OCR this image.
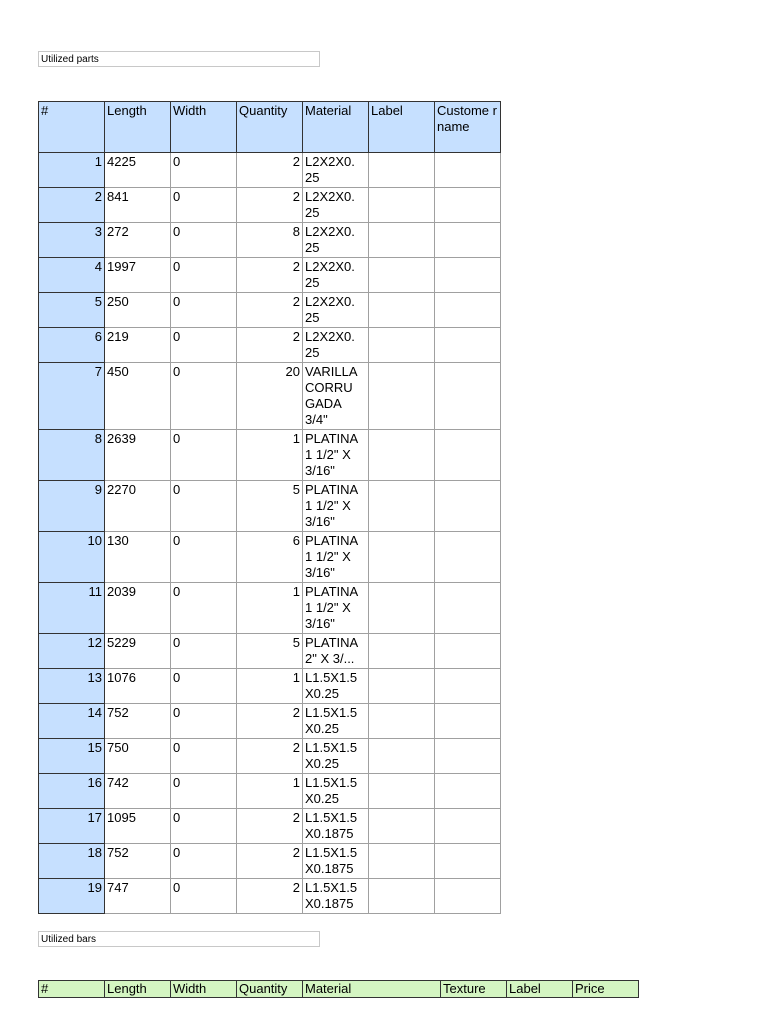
Utilized parts
#	Length	Width	Quantity	Material	Label	Custome r name
1	4225	0	2	L2X2X0. 25		
2	841	0	2	L2X2X0. 25		
3	272	0	8	L2X2X0. 25		
4	1997	0	2	L2X2X0. 25		
5	250	0	2	L2X2X0. 25		
6	219	0	2	L2X2X0. 25		
7	450	0	20	VARILLA CORRU GADA 3/4"		
8	2639	0	1	PLATINA 1 1/2" X 3/16"		
9	2270	0	5	PLATINA 1 1/2" X 3/16"		
10	130	0	6	PLATINA 1 1/2" X 3/16"		
11	2039	0	1	PLATINA 1 1/2" X 3/16"		
12	5229	0	5	PLATINA 2" X 3/...		
13	1076	0	1	L1.5X1.5 X0.25		
14	752	0	2	L1.5X1.5 X0.25		
15	750	0	2	L1.5X1.5 X0.25		
16	742	0	1	L1.5X1.5 X0.25		
17	1095	0	2	L1.5X1.5 X0.1875		
18	752	0	2	L1.5X1.5 X0.1875		
19	747	0	2	L1.5X1.5 X0.1875		
Utilized bars
#	Length	Width	Quantity	Material	Texture	Label	Price
